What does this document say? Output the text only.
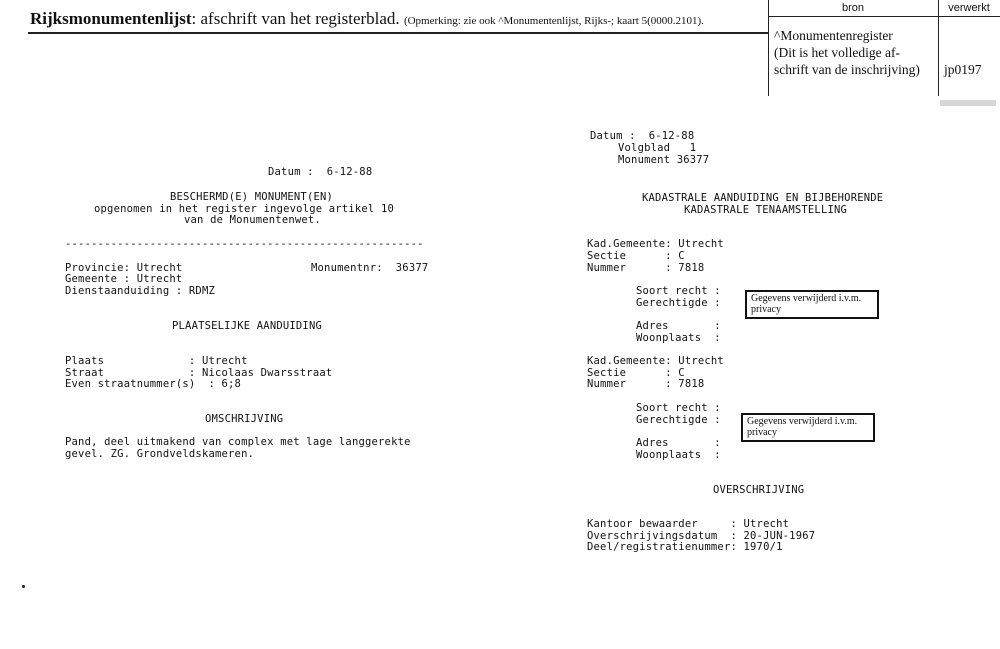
Rijksmonumentenlijst: afschrift van het registerblad. (Opmerking: zie ook ^Monumentenlijst, Rijks-; kaart 5(0000.2101).
bron	verwerkt
^Monumentenregister
(Dit is het volledige af-
schrift van de inschrijving) jp0197
Datum :  6-12-88
BESCHERMD(E) MONUMENT(EN)
opgenomen in het register ingevolge artikel 10
van de Monumentenwet.
-------------------------------------------------------
Provincie: Utrecht	Monumentnr:  36377
Gemeente : Utrecht
Dienstaanduiding : RDMZ
PLAATSELIJKE AANDUIDING
Plaats             : Utrecht
Straat             : Nicolaas Dwarsstraat
Even straatnummer(s)  : 6;8
OMSCHRIJVING
Pand, deel uitmakend van complex met lage langgerekte
gevel. ZG. Grondveldskameren.
Datum :  6-12-88
Volgblad   1
Monument 36377
KADASTRALE AANDUIDING EN BIJBEHORENDE
KADASTRALE TENAAMSTELLING
Kad.Gemeente: Utrecht
Sectie      : C
Nummer      : 7818
Soort recht :
Gerechtigde :	Gegevens verwijderd i.v.m. privacy
Adres       :
Woonplaats  :
Kad.Gemeente: Utrecht
Sectie      : C
Nummer      : 7818
Soort recht :
Gerechtigde :	Gegevens verwijderd i.v.m. privacy
Adres       :
Woonplaats  :
OVERSCHRIJVING
Kantoor bewaarder     : Utrecht
Overschrijvingsdatum  : 20-JUN-1967
Deel/registratienummer: 1970/1
